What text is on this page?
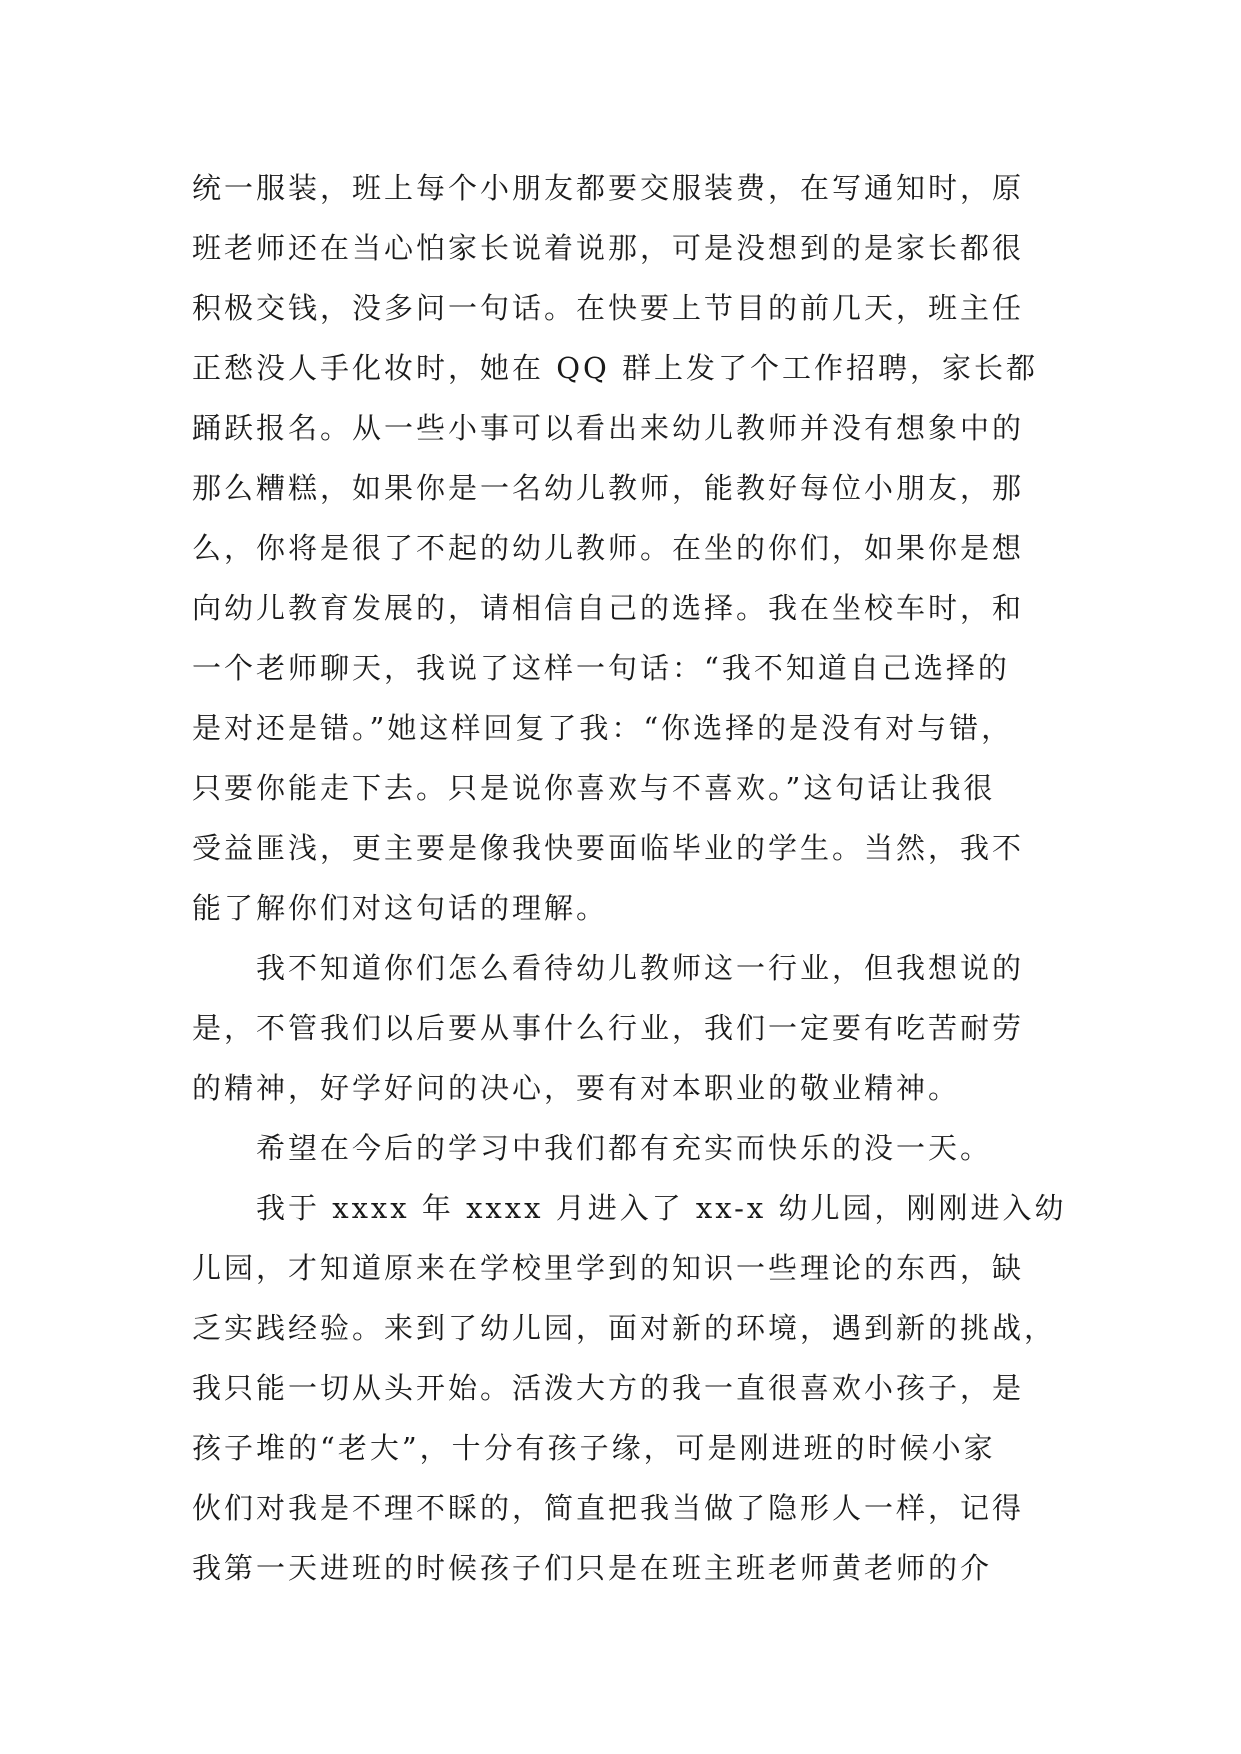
统一服装，班上每个小朋友都要交服装费，在写通知时，原
班老师还在当心怕家长说着说那，可是没想到的是家长都很
积极交钱，没多问一句话。在快要上节目的前几天，班主任
正愁没人手化妆时，她在 QQ 群上发了个工作招聘，家长都
踊跃报名。从一些小事可以看出来幼儿教师并没有想象中的
那么糟糕，如果你是一名幼儿教师，能教好每位小朋友，那
么，你将是很了不起的幼儿教师。在坐的你们，如果你是想
向幼儿教育发展的，请相信自己的选择。我在坐校车时，和
一个老师聊天，我说了这样一句话：“我不知道自己选择的
是对还是错。”她这样回复了我：“你选择的是没有对与错，
只要你能走下去。只是说你喜欢与不喜欢。”这句话让我很
受益匪浅，更主要是像我快要面临毕业的学生。当然，我不
能了解你们对这句话的理解。
　　我不知道你们怎么看待幼儿教师这一行业，但我想说的
是，不管我们以后要从事什么行业，我们一定要有吃苦耐劳
的精神，好学好问的决心，要有对本职业的敬业精神。
　　希望在今后的学习中我们都有充实而快乐的没一天。
　　我于 xxxx 年 xxxx 月进入了 xx-x 幼儿园，刚刚进入幼
儿园，才知道原来在学校里学到的知识一些理论的东西，缺
乏实践经验。来到了幼儿园，面对新的环境，遇到新的挑战，
我只能一切从头开始。活泼大方的我一直很喜欢小孩子，是
孩子堆的“老大”，十分有孩子缘，可是刚进班的时候小家
伙们对我是不理不睬的，简直把我当做了隐形人一样，记得
我第一天进班的时候孩子们只是在班主班老师黄老师的介
